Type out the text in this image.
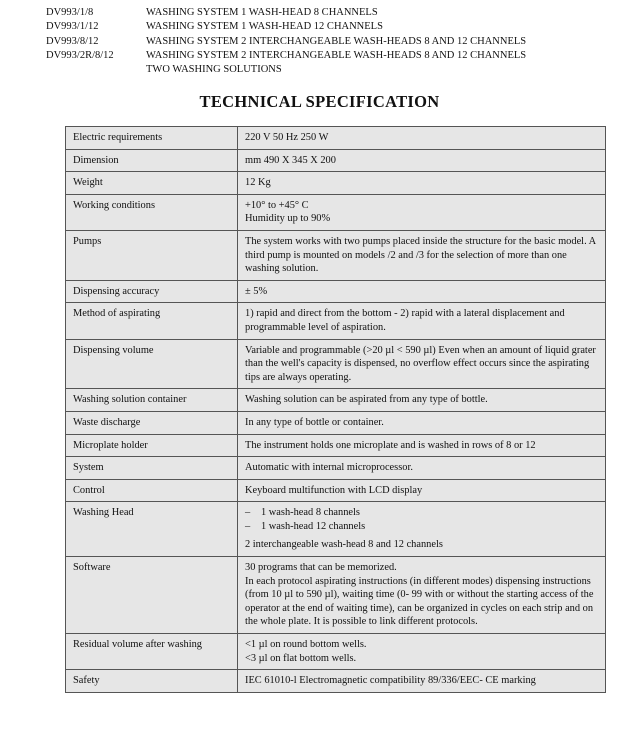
DV993/1/8	WASHING SYSTEM 1 WASH-HEAD 8 CHANNELS
DV993/1/12	WASHING SYSTEM 1 WASH-HEAD 12 CHANNELS
DV993/8/12	WASHING SYSTEM 2 INTERCHANGEABLE WASH-HEADS 8 AND 12 CHANNELS
DV993/2R/8/12	WASHING SYSTEM 2 INTERCHANGEABLE WASH-HEADS 8 AND 12 CHANNELS
TWO WASHING SOLUTIONS
TECHNICAL SPECIFICATION
Electric requirements	220 V 50 Hz 250 W
Dimension	mm 490 X 345 X 200
Weight	12 Kg
Working conditions	+10° to +45° C
Humidity up to 90%

Pumps	The system works with two pumps placed inside the structure for the basic model. A third pump is mounted on models /2 and /3 for the selection of more than one washing solution.
Dispensing accuracy	± 5%
Method of aspirating	1) rapid and direct from the bottom - 2) rapid with a lateral displacement and programmable level of aspiration.
Dispensing volume	Variable and programmable (>20 µl < 590 µl) Even when an amount of liquid grater than the well's capacity is dispensed, no overflow effect occurs since the aspirating tips are always operating.
Washing solution container	Washing solution can be aspirated from any type of bottle.
Waste discharge	In any type of bottle or container.
Microplate holder	The instrument holds one microplate and is washed in rows of 8 or 12
System	Automatic with internal microprocessor.
Control	Keyboard multifunction with LCD display
Washing Head	– 1 wash-head 8 channels
– 1 wash-head 12 channels
2 interchangeable wash-head 8 and 12 channels

Software	30 programs that can be memorized.
In each protocol aspirating instructions (in different modes) dispensing instructions (from 10 µl to 590 µl), waiting time (0- 99 with or without the starting access of the operator at the end of waiting time), can be organized in cycles on each strip and on the whole plate. It is possible to link different protocols.

Residual volume after washing	<1 µl on round bottom wells.
<3 µl on flat bottom wells.

Safety	IEC 61010-l Electromagnetic compatibility 89/336/EEC- CE marking
